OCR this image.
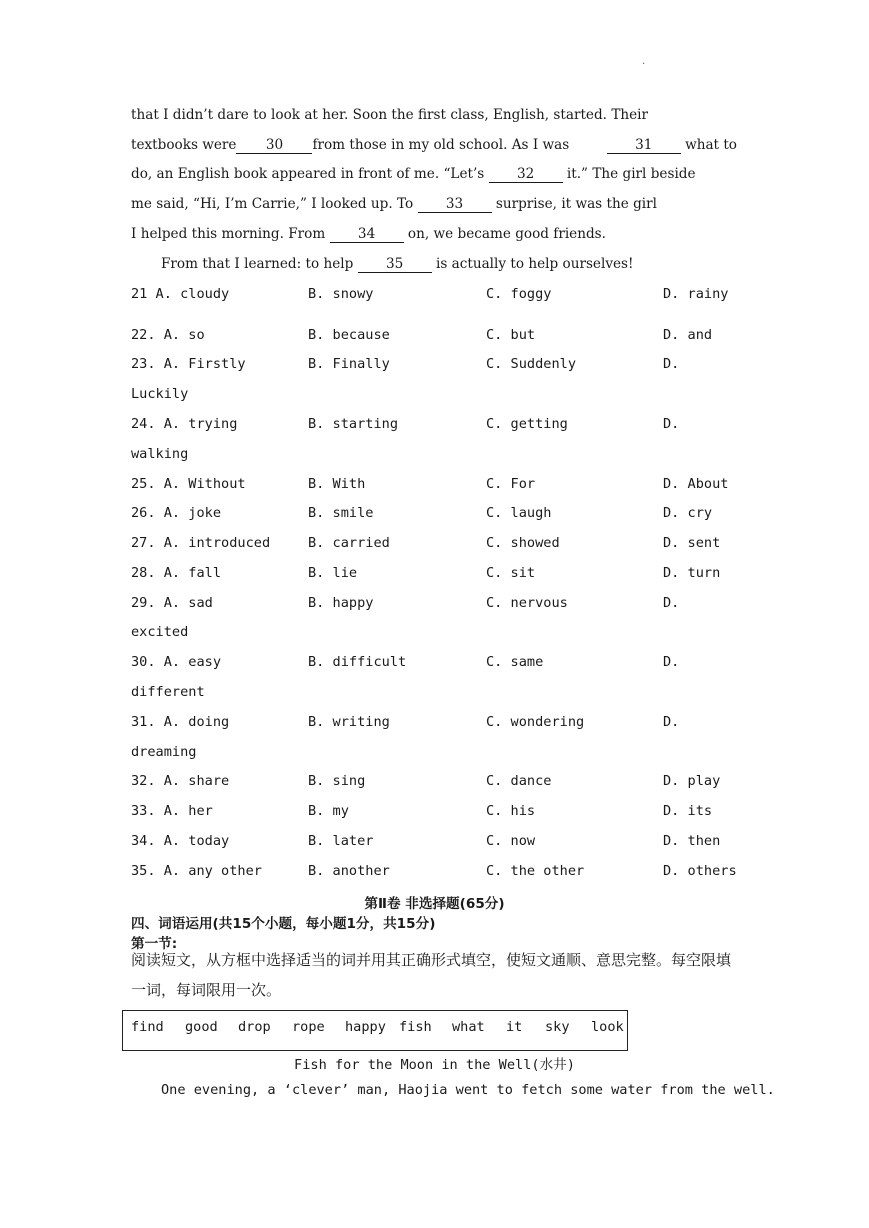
.
that I didn’t dare to look at her. Soon the first class, English, started. Their
textbooks were 30 from those in my old school. As I was	31 what to
do, an English book appeared in front of me. “Let’s 32 it.” The girl beside
me said, “Hi, I’m Carrie,” I looked up. To 33 surprise, it was the girl
I helped this morning. From 34 on, we became good friends.
From that I learned: to help 35 is actually to help ourselves!
21 A. cloudy	B. snowy	C. foggy	D. rainy
22. A. so	B. because	C. but	D. and
23. A. Firstly	B. Finally	C. Suddenly	D.
Luckily
24. A. trying	B. starting	C. getting	D.
walking
25. A. Without	B. With	C. For	D. About
26. A. joke	B. smile	C. laugh	D. cry
27. A. introduced	B. carried	C. showed	D. sent
28. A. fall	B. lie	C. sit	D. turn
29. A. sad	B. happy	C. nervous	D.
excited
30. A. easy	B. difficult	C. same	D.
different
31. A. doing	B. writing	C. wondering	D.
dreaming
32. A. share	B. sing	C. dance	D. play
33. A. her	B. my	C. his	D. its
34. A. today	B. later	C. now	D. then
35. A. any other	B. another	C. the other	D. others
第Ⅱ卷 非选择题(65分)
四、词语运用(共15个小题，每小题1分，共15分)
第一节:
阅读短文，从方框中选择适当的词并用其正确形式填空，使短文通顺、意思完整。每空限填
一词，每词限用一次。
find good drop rope happy fish what it sky look
Fish for the Moon in the Well(水井)
One evening, a ‘clever’ man, Haojia went to fetch some water from the well.
